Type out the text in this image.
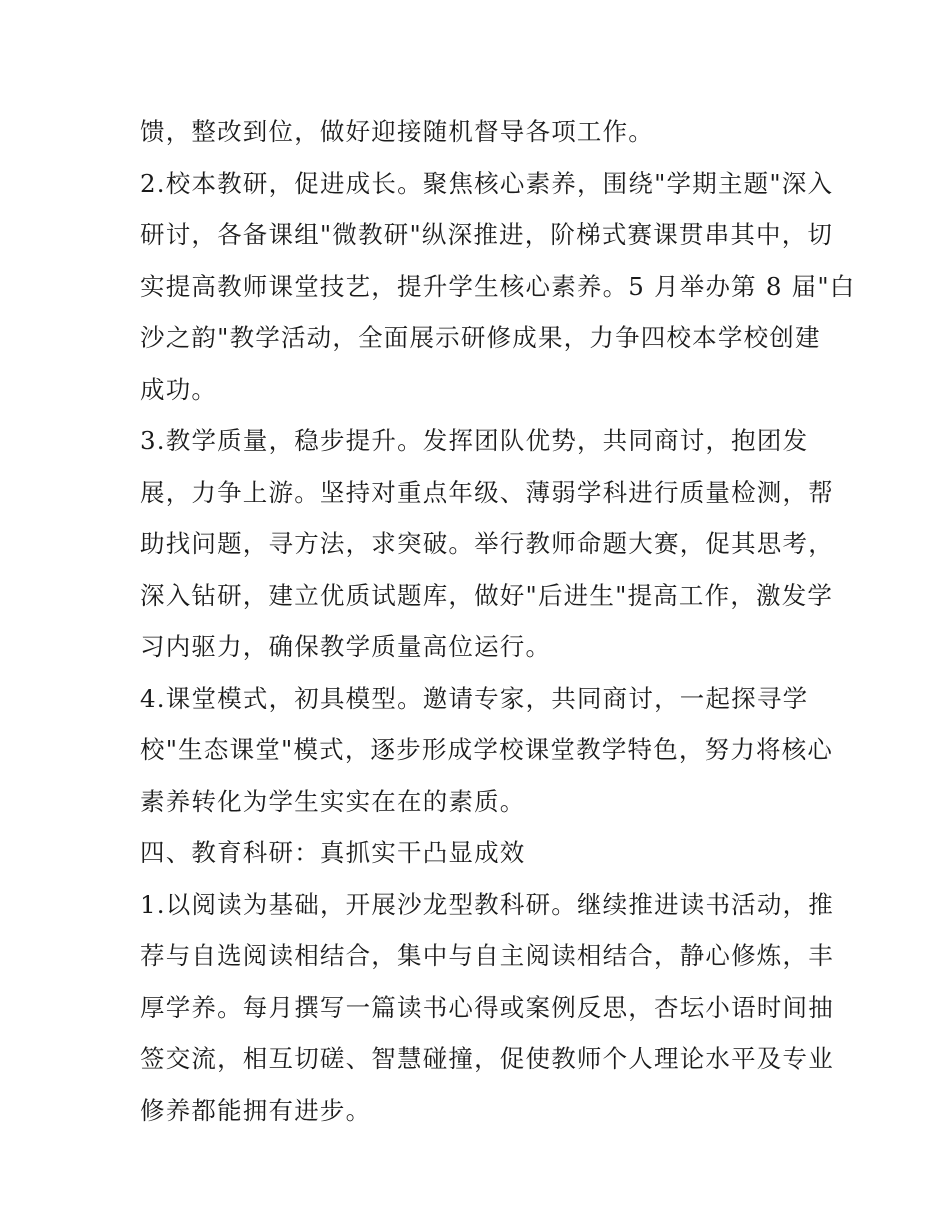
馈，整改到位，做好迎接随机督导各项工作。
2.校本教研，促进成长。聚焦核心素养，围绕"学期主题"深入
研讨，各备课组"微教研"纵深推进，阶梯式赛课贯串其中，切
实提高教师课堂技艺，提升学生核心素养。5 月举办第 8 届"白
沙之韵"教学活动，全面展示研修成果，力争四校本学校创建
成功。
3.教学质量，稳步提升。发挥团队优势，共同商讨，抱团发
展，力争上游。坚持对重点年级、薄弱学科进行质量检测，帮
助找问题，寻方法，求突破。举行教师命题大赛，促其思考，
深入钻研，建立优质试题库，做好"后进生"提高工作，激发学
习内驱力，确保教学质量高位运行。
4.课堂模式，初具模型。邀请专家，共同商讨，一起探寻学
校"生态课堂"模式，逐步形成学校课堂教学特色，努力将核心
素养转化为学生实实在在的素质。
四、教育科研：真抓实干凸显成效
1.以阅读为基础，开展沙龙型教科研。继续推进读书活动，推
荐与自选阅读相结合，集中与自主阅读相结合，静心修炼，丰
厚学养。每月撰写一篇读书心得或案例反思，杏坛小语时间抽
签交流，相互切磋、智慧碰撞，促使教师个人理论水平及专业
修养都能拥有进步。
